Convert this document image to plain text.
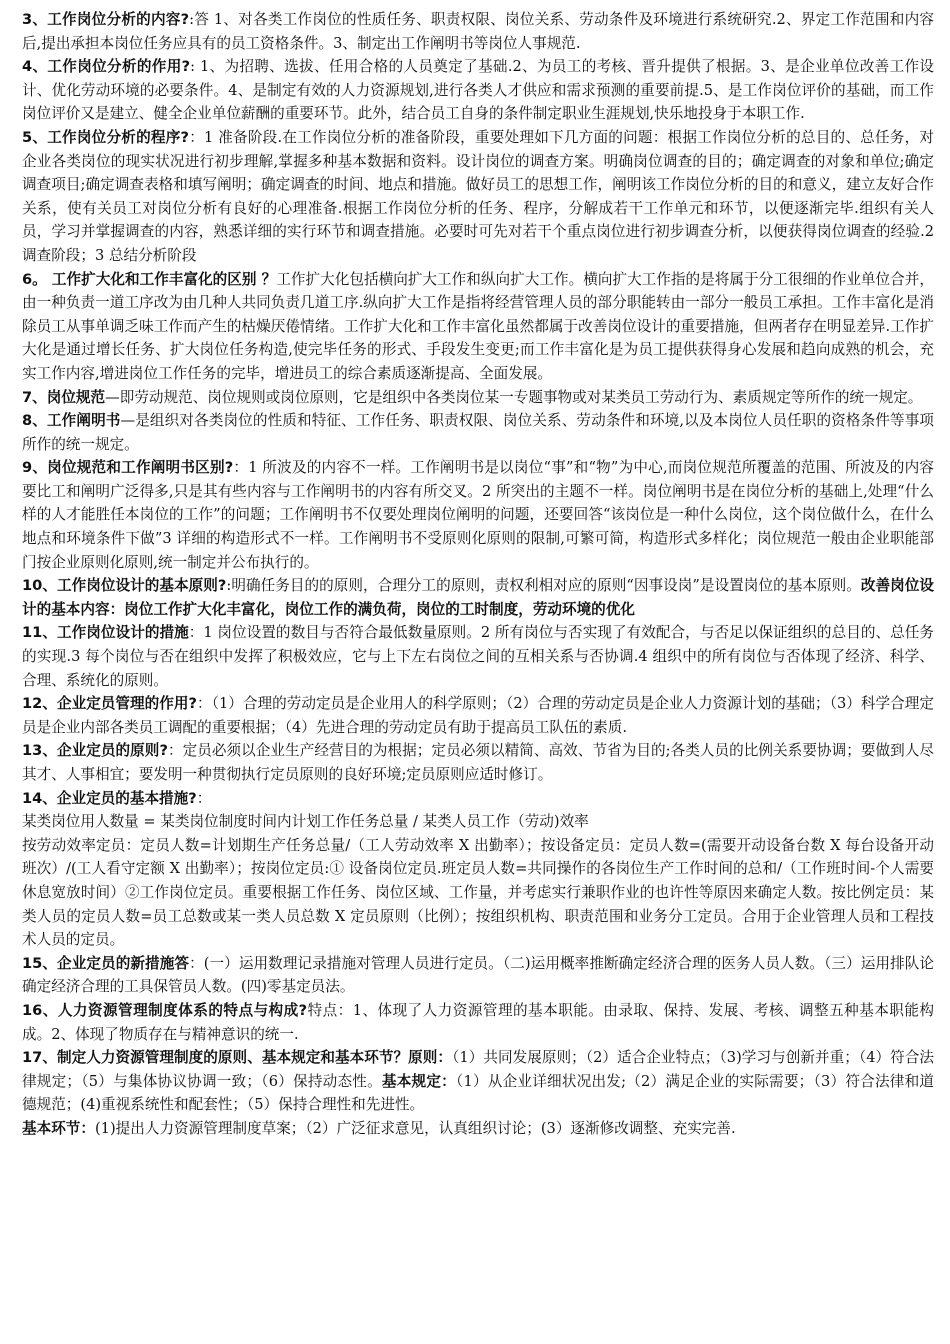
3、工作岗位分析的内容?:答 1、对各类工作岗位的性质任务、职责权限、岗位关系、劳动条件及环境进行系统研究.2、界定工作范围和内容后,提出承担本岗位任务应具有的员工资格条件。3、制定出工作阐明书等岗位人事规范.

4、工作岗位分析的作用?: 1、为招聘、选拔、任用合格的人员奠定了基础.2、为员工的考核、晋升提供了根据。3、是企业单位改善工作设计、优化劳动环境的必要条件。4、是制定有效的人力资源规划,进行各类人才供应和需求预测的重要前提.5、是工作岗位评价的基础，而工作岗位评价又是建立、健全企业单位薪酬的重要环节。此外，结合员工自身的条件制定职业生涯规划,快乐地投身于本职工作.

5、工作岗位分析的程序?：1 准备阶段.在工作岗位分析的准备阶段，重要处理如下几方面的问题：根据工作岗位分析的总目的、总任务，对企业各类岗位的现实状况进行初步理解,掌握多种基本数据和资料。设计岗位的调查方案。明确岗位调查的目的；确定调查的对象和单位;确定调查项目;确定调查表格和填写阐明；确定调查的时间、地点和措施。做好员工的思想工作，阐明该工作岗位分析的目的和意义，建立友好合作关系，使有关员工对岗位分析有良好的心理准备.根据工作岗位分析的任务、程序，分解成若干工作单元和环节，以便逐渐完毕.组织有关人员，学习并掌握调查的内容，熟悉详细的实行环节和调查措施。必要时可先对若干个重点岗位进行初步调查分析，以便获得岗位调查的经验.2 调查阶段；3 总结分析阶段

6。 工作扩大化和工作丰富化的区别 ？工作扩大化包括横向扩大工作和纵向扩大工作。横向扩大工作指的是将属于分工很细的作业单位合并，由一种负责一道工序改为由几种人共同负责几道工序.纵向扩大工作是指将经营管理人员的部分职能转由一部分一般员工承担。工作丰富化是消除员工从事单调乏味工作而产生的枯燥厌倦情绪。工作扩大化和工作丰富化虽然都属于改善岗位设计的重要措施，但两者存在明显差异.工作扩大化是通过增长任务、扩大岗位任务构造,使完毕任务的形式、手段发生变更;而工作丰富化是为员工提供获得身心发展和趋向成熟的机会，充实工作内容,增进岗位工作任务的完毕，增进员工的综合素质逐渐提高、全面发展。

7、岗位规范—即劳动规范、岗位规则或岗位原则，它是组织中各类岗位某一专题事物或对某类员工劳动行为、素质规定等所作的统一规定。

8、工作阐明书—是组织对各类岗位的性质和特征、工作任务、职责权限、岗位关系、劳动条件和环境,以及本岗位人员任职的资格条件等事项所作的统一规定。

9、岗位规范和工作阐明书区别?：1 所波及的内容不一样。工作阐明书是以岗位“事”和“物”为中心,而岗位规范所覆盖的范围、所波及的内容要比工和阐明广泛得多,只是其有些内容与工作阐明书的内容有所交叉。2 所突出的主题不一样。岗位阐明书是在岗位分析的基础上,处理“什么样的人才能胜任本岗位的工作”的问题；工作阐明书不仅要处理岗位阐明的问题，还要回答“该岗位是一种什么岗位，这个岗位做什么，在什么地点和环境条件下做”3 详细的构造形式不一样。工作阐明书不受原则化原则的限制,可繁可简，构造形式多样化；岗位规范一般由企业职能部门按企业原则化原则,统一制定并公布执行的。

10、工作岗位设计的基本原则?:明确任务目的的原则，合理分工的原则，责权利相对应的原则“因事设岗”是设置岗位的基本原则。改善岗位设计的基本内容：岗位工作扩大化丰富化，岗位工作的满负荷，岗位的工时制度，劳动环境的优化

11、工作岗位设计的措施：1 岗位设置的数目与否符合最低数量原则。2 所有岗位与否实现了有效配合，与否足以保证组织的总目的、总任务的实现.3 每个岗位与否在组织中发挥了积极效应，它与上下左右岗位之间的互相关系与否协调.4 组织中的所有岗位与否体现了经济、科学、合理、系统化的原则。

12、企业定员管理的作用?：（1）合理的劳动定员是企业用人的科学原则；（2）合理的劳动定员是企业人力资源计划的基础；（3）科学合理定员是企业内部各类员工调配的重要根据；（4）先进合理的劳动定员有助于提高员工队伍的素质.

13、企业定员的原则?：定员必须以企业生产经营目的为根据；定员必须以精简、高效、节省为目的;各类人员的比例关系要协调；要做到人尽其才、人事相宜；要发明一种贯彻执行定员原则的良好环境;定员原则应适时修订。

14、企业定员的基本措施?：

某类岗位用人数量 = 某类岗位制度时间内计划工作任务总量 / 某类人员工作（劳动)效率

按劳动效率定员：定员人数=计划期生产任务总量/（工人劳动效率 X 出勤率）；按设备定员：定员人数=(需要开动设备台数 X 每台设备开动班次）/(工人看守定额 X 出勤率）；按岗位定员:① 设备岗位定员.班定员人数=共同操作的各岗位生产工作时间的总和/（工作班时间-个人需要休息宽放时间）②工作岗位定员。重要根据工作任务、岗位区域、工作量，并考虑实行兼职作业的也许性等原因来确定人数。按比例定员：某类人员的定员人数=员工总数或某一类人员总数 X 定员原则（比例）；按组织机构、职责范围和业务分工定员。合用于企业管理人员和工程技术人员的定员。

15、企业定员的新措施答：(一）运用数理记录措施对管理人员进行定员。（二)运用概率推断确定经济合理的医务人员人数。（三）运用排队论确定经济合理的工具保管员人数。(四)零基定员法。

16、人力资源管理制度体系的特点与构成?特点：1、体现了人力资源管理的基本职能。由录取、保持、发展、考核、调整五种基本职能构成。2、体现了物质存在与精神意识的统一.

17、制定人力资源管理制度的原则、基本规定和基本环节？原则：（1）共同发展原则；（2）适合企业特点；（3)学习与创新并重；（4）符合法律规定；（5）与集体协议协调一致；（6）保持动态性。基本规定：（1）从企业详细状况出发;（2）满足企业的实际需要；（3）符合法律和道德规范；(4)重视系统性和配套性；（5）保持合理性和先进性。

基本环节：(1)提出人力资源管理制度草案；（2）广泛征求意见，认真组织讨论；(3）逐渐修改调整、充实完善.
